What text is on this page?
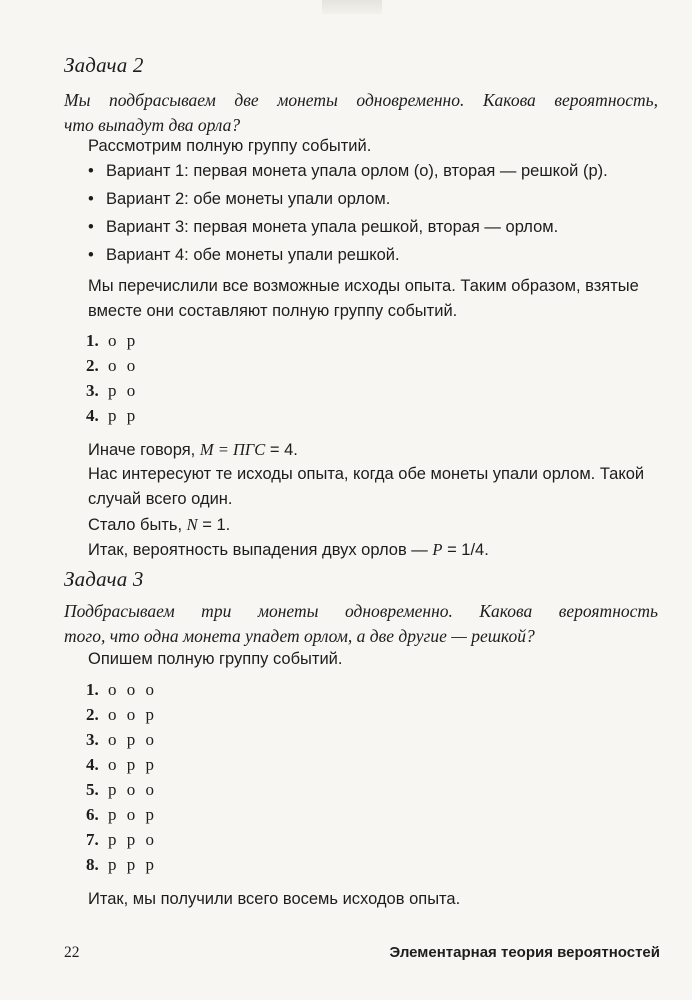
Задача 2
Мы подбрасываем две монеты одновременно. Какова вероятность,
что выпадут два орла?
Рассмотрим полную группу событий.
• Вариант 1: первая монета упала орлом (о), вторая — решкой (р).
• Вариант 2: обе монеты упали орлом.
• Вариант 3: первая монета упала решкой, вторая — орлом.
• Вариант 4: обе монеты упали решкой.
Мы перечислили все возможные исходы опыта. Таким образом, взятые
вместе они составляют полную группу событий.
1. о р
2. о о
3. р о
4. р р
Иначе говоря, M = ПГС = 4.
Нас интересуют те исходы опыта, когда обе монеты упали орлом. Такой
случай всего один.
Стало быть, N = 1.
Итак, вероятность выпадения двух орлов — P = 1/4.
Задача 3
Подбрасываем три монеты одновременно. Какова вероятность
того, что одна монета упадет орлом, а две другие — решкой?
Опишем полную группу событий.
1. о о о
2. о о р
3. о р о
4. о р р
5. р о о
6. р о р
7. р р о
8. р р р
Итак, мы получили всего восемь исходов опыта.
22	Элементарная теория вероятностей
